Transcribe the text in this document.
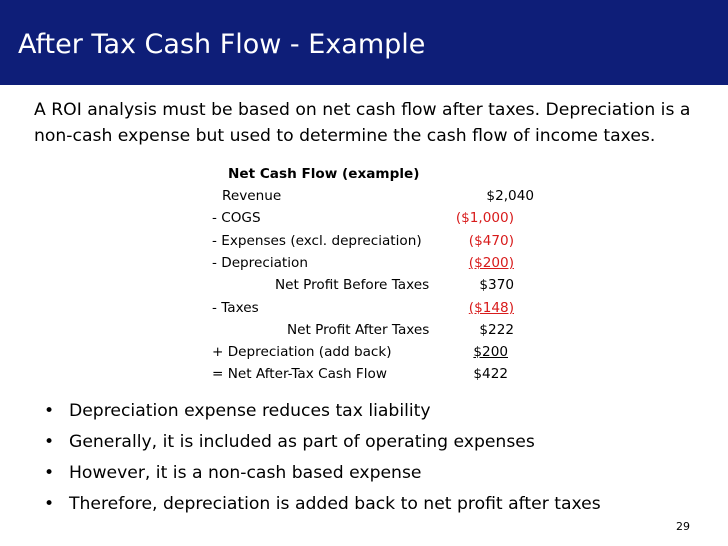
After Tax Cash Flow - Example
A ROI analysis must be based on net cash flow after taxes. Depreciation is a non-cash expense but used to determine the cash flow of income taxes.
Net Cash Flow (example)
Revenue	$2,040
- COGS	($1,000)
- Expenses (excl. depreciation)	($470)
- Depreciation	($200)
Net Profit Before Taxes	$370
- Taxes	($148)
Net Profit After Taxes	$222
+ Depreciation (add back)	$200
= Net After-Tax Cash Flow	$422
• Depreciation expense reduces tax liability
• Generally, it is included as part of operating expenses
• However, it is a non-cash based expense
• Therefore, depreciation is added back to net profit after taxes
29
